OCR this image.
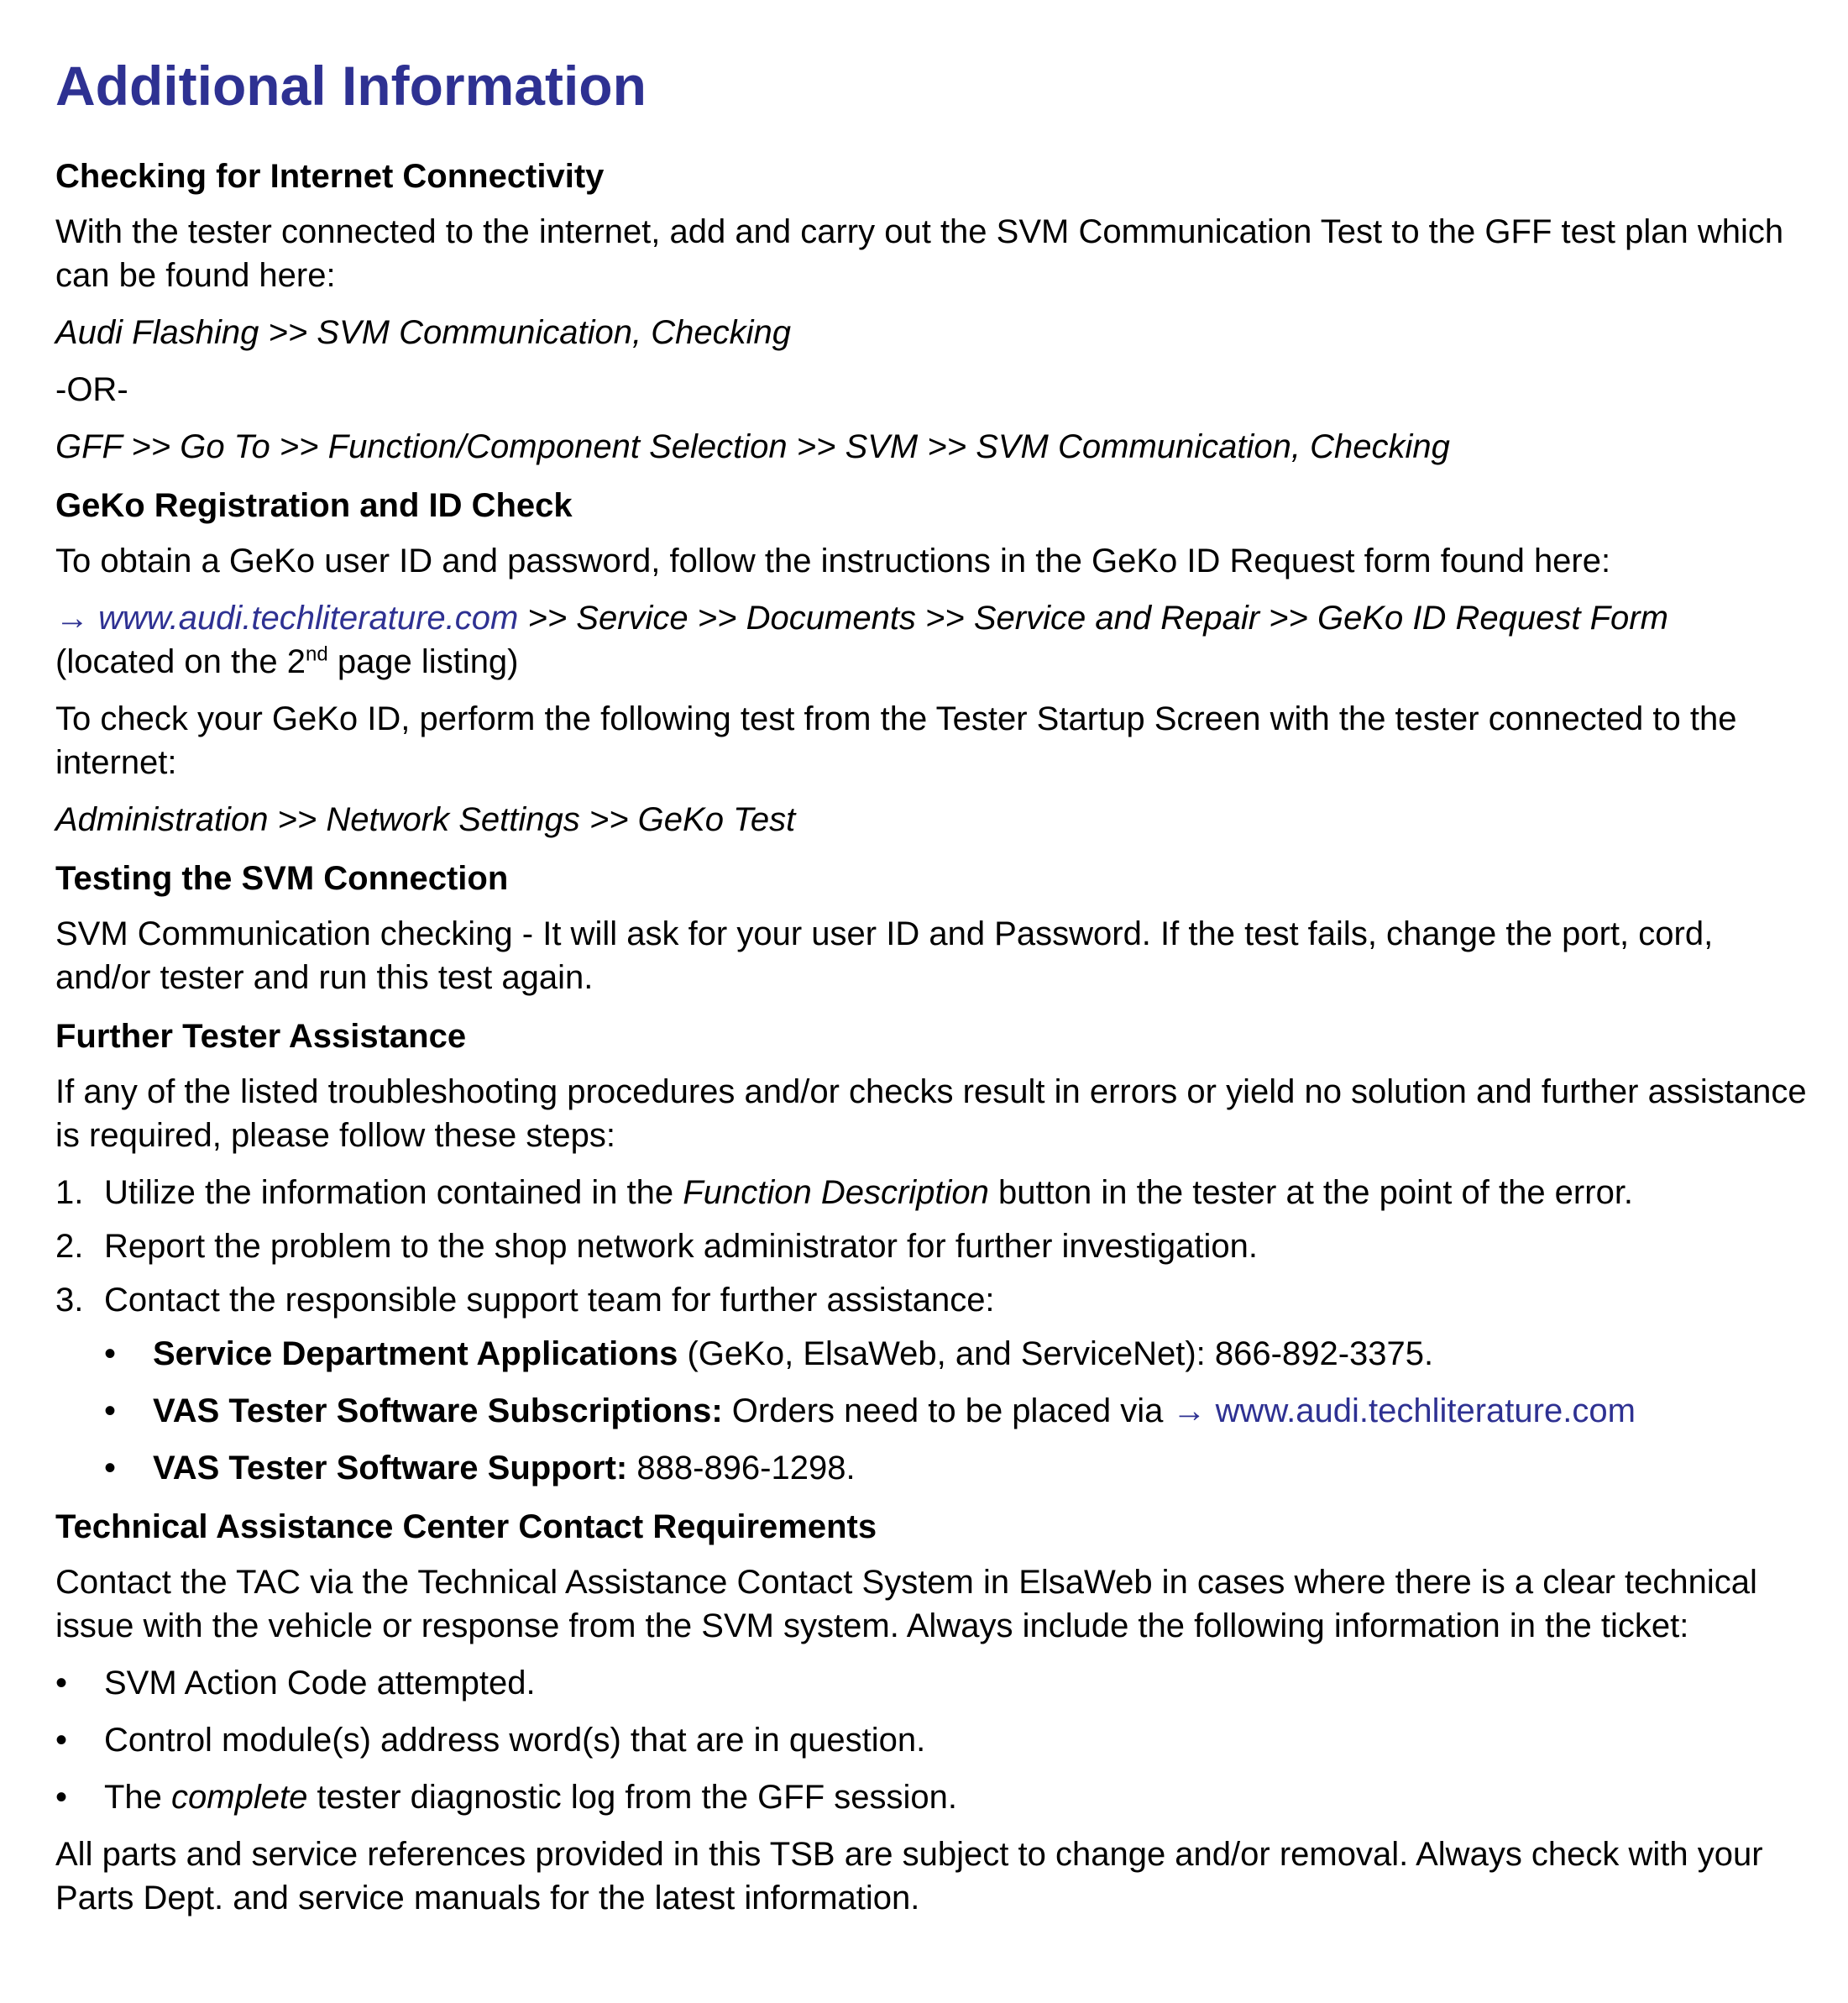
Additional Information
Checking for Internet Connectivity

With the tester connected to the internet, add and carry out the SVM Communication Test to the GFF test plan which can be found here:

Audi Flashing >> SVM Communication, Checking

-OR-

GFF >> Go To >> Function/Component Selection >> SVM >> SVM Communication, Checking

GeKo Registration and ID Check

To obtain a GeKo user ID and password, follow the instructions in the GeKo ID Request form found here:

→ www.audi.techliterature.com >> Service >> Documents >> Service and Repair >> GeKo ID Request Form
(located on the 2nd page listing)

To check your GeKo ID, perform the following test from the Tester Startup Screen with the tester connected to the internet:

Administration >> Network Settings >> GeKo Test

Testing the SVM Connection

SVM Communication checking - It will ask for your user ID and Password. If the test fails, change the port, cord, and/or tester and run this test again.

Further Tester Assistance

If any of the listed troubleshooting procedures and/or checks result in errors or yield no solution and further assistance is required, please follow these steps:

1. Utilize the information contained in the Function Description button in the tester at the point of the error.
2. Report the problem to the shop network administrator for further investigation.
3. Contact the responsible support team for further assistance:
• Service Department Applications (GeKo, ElsaWeb, and ServiceNet): 866-892-3375.
• VAS Tester Software Subscriptions: Orders need to be placed via → www.audi.techliterature.com
• VAS Tester Software Support: 888-896-1298.
Technical Assistance Center Contact Requirements

Contact the TAC via the Technical Assistance Contact System in ElsaWeb in cases where there is a clear technical issue with the vehicle or response from the SVM system. Always include the following information in the ticket:

• SVM Action Code attempted.
• Control module(s) address word(s) that are in question.
• The complete tester diagnostic log from the GFF session.

All parts and service references provided in this TSB are subject to change and/or removal. Always check with your Parts Dept. and service manuals for the latest information.
